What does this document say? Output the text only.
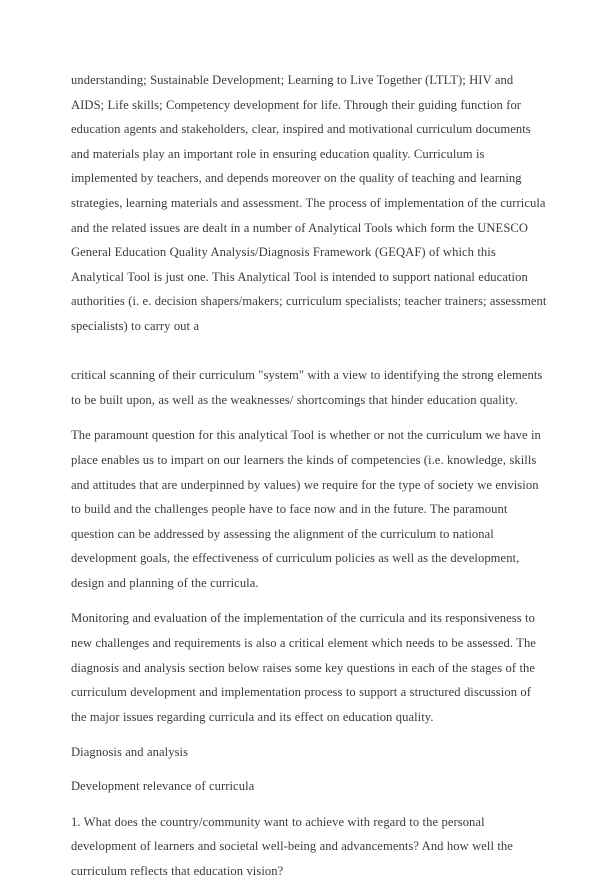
understanding; Sustainable Development; Learning to Live Together (LTLT); HIV and AIDS; Life skills; Competency development for life. Through their guiding function for education agents and stakeholders, clear, inspired and motivational curriculum documents and materials play an important role in ensuring education quality. Curriculum is implemented by teachers, and depends moreover on the quality of teaching and learning strategies, learning materials and assessment. The process of implementation of the curricula and the related issues are dealt in a number of Analytical Tools which form the UNESCO General Education Quality Analysis/Diagnosis Framework (GEQAF) of which this Analytical Tool is just one. This Analytical Tool is intended to support national education authorities (i. e. decision shapers/makers; curriculum specialists; teacher trainers; assessment specialists) to carry out a

critical scanning of their curriculum "system" with a view to identifying the strong elements to be built upon, as well as the weaknesses/ shortcomings that hinder education quality.

The paramount question for this analytical Tool is whether or not the curriculum we have in place enables us to impart on our learners the kinds of competencies (i.e. knowledge, skills and attitudes that are underpinned by values) we require for the type of society we envision to build and the challenges people have to face now and in the future. The paramount question can be addressed by assessing the alignment of the curriculum to national development goals, the effectiveness of curriculum policies as well as the development, design and planning of the curricula.

Monitoring and evaluation of the implementation of the curricula and its responsiveness to new challenges and requirements is also a critical element which needs to be assessed. The diagnosis and analysis section below raises some key questions in each of the stages of the curriculum development and implementation process to support a structured discussion of the major issues regarding curricula and its effect on education quality.

Diagnosis and analysis

Development relevance of curricula

1. What does the country/community want to achieve with regard to the personal development of learners and societal well-being and advancements? And how well the curriculum reflects that education vision?
